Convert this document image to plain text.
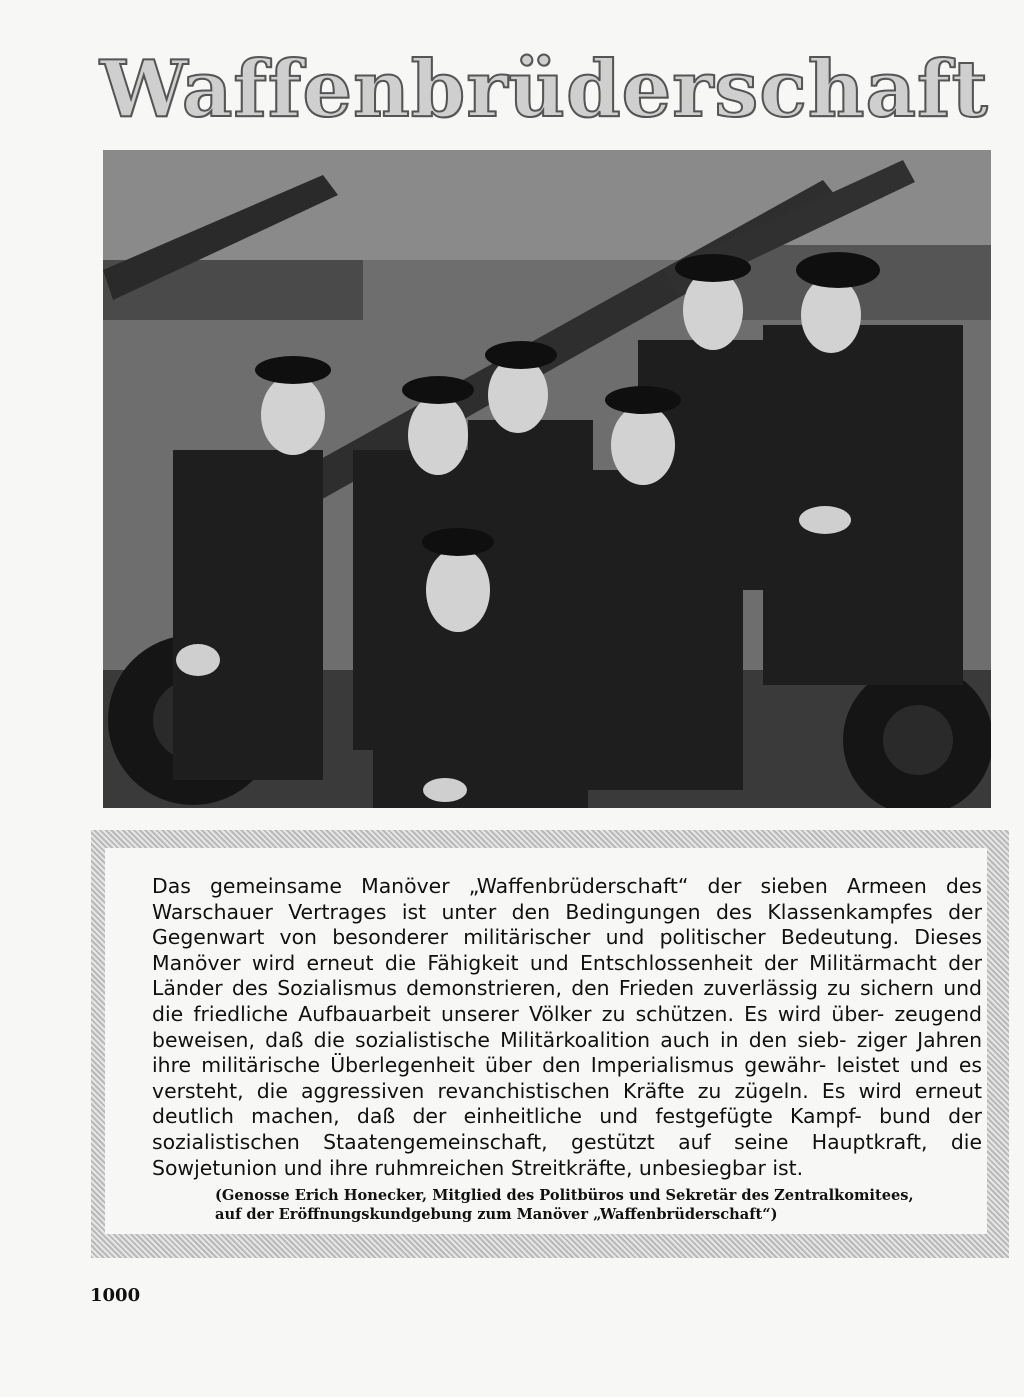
Waffenbrüderschaft

Das gemeinsame Manöver „Waffenbrüderschaft“ der sieben Armeen des Warschauer Vertrages ist unter den Bedingungen des Klassenkampfes der Gegenwart von besonderer militärischer und politischer Bedeutung. Dieses Manöver wird erneut die Fähigkeit und Entschlossenheit der Militärmacht der Länder des Sozialismus demonstrieren, den Frieden zuverlässig zu sichern und die friedliche Aufbauarbeit unserer Völker zu schützen. Es wird über- zeugend beweisen, daß die sozialistische Militärkoalition auch in den sieb- ziger Jahren ihre militärische Überlegenheit über den Imperialismus gewähr- leistet und es versteht, die aggressiven revanchistischen Kräfte zu zügeln. Es wird erneut deutlich machen, daß der einheitliche und festgefügte Kampf- bund der sozialistischen Staatengemeinschaft, gestützt auf seine Hauptkraft, die Sowjetunion und ihre ruhmreichen Streitkräfte, unbesiegbar ist.

(Genosse Erich Honecker, Mitglied des Politbüros und Sekretär des Zentralkomitees,
auf der Eröffnungskundgebung zum Manöver „Waffenbrüderschaft“)

1000
